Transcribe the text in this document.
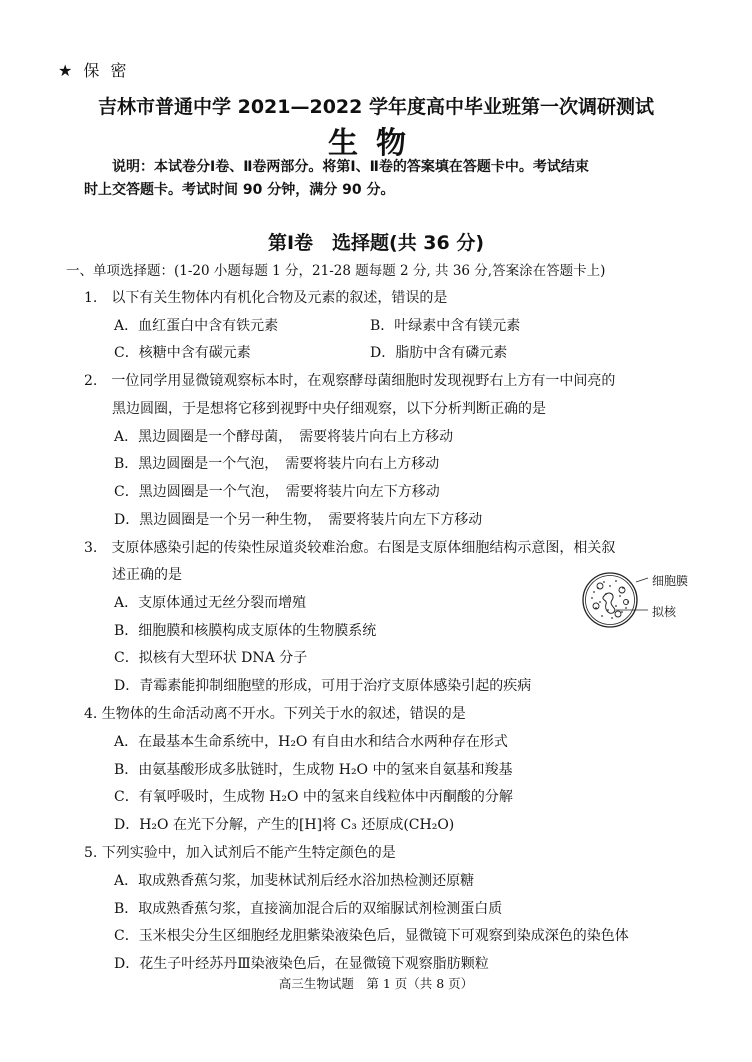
★ 保 密
吉林市普通中学 2021—2022 学年度高中毕业班第一次调研测试
生物
说明：本试卷分Ⅰ卷、Ⅱ卷两部分。将第Ⅰ、Ⅱ卷的答案填在答题卡中。考试结束
时上交答题卡。考试时间 90 分钟，满分 90 分。
第Ⅰ卷　选择题(共 36 分)
一、单项选择题：(1-20 小题每题 1 分，21-28 题每题 2 分, 共 36 分,答案涂在答题卡上)
1.　以下有关生物体内有机化合物及元素的叙述，错误的是
A．血红蛋白中含有铁元素	B．叶绿素中含有镁元素
C．核糖中含有碳元素	D．脂肪中含有磷元素
2.　一位同学用显微镜观察标本时，在观察酵母菌细胞时发现视野右上方有一中间亮的
黑边圆圈，于是想将它移到视野中央仔细观察，以下分析判断正确的是
A．黑边圆圈是一个酵母菌，　需要将装片向右上方移动
B．黑边圆圈是一个气泡，　需要将装片向右上方移动
C．黑边圆圈是一个气泡，　需要将装片向左下方移动
D．黑边圆圈是一个另一种生物，　需要将装片向左下方移动
3.　支原体感染引起的传染性尿道炎较难治愈。右图是支原体细胞结构示意图，相关叙
述正确的是
A．支原体通过无丝分裂而增殖
B．细胞膜和核膜构成支原体的生物膜系统
C．拟核有大型环状 DNA 分子
D．青霉素能抑制细胞壁的形成，可用于治疗支原体感染引起的疾病
细胞膜
拟核
4. 生物体的生命活动离不开水。下列关于水的叙述，错误的是
A．在最基本生命系统中，H₂O 有自由水和结合水两种存在形式
B．由氨基酸形成多肽链时，生成物 H₂O 中的氢来自氨基和羧基
C．有氧呼吸时，生成物 H₂O 中的氢来自线粒体中丙酮酸的分解
D．H₂O 在光下分解，产生的[H]将 C₃ 还原成(CH₂O)
5. 下列实验中，加入试剂后不能产生特定颜色的是
A．取成熟香蕉匀浆，加斐林试剂后经水浴加热检测还原糖
B．取成熟香蕉匀浆，直接滴加混合后的双缩脲试剂检测蛋白质
C．玉米根尖分生区细胞经龙胆紫染液染色后，显微镜下可观察到染成深色的染色体
D．花生子叶经苏丹Ⅲ染液染色后，在显微镜下观察脂肪颗粒
高三生物试题　第 1 页（共 8 页）
